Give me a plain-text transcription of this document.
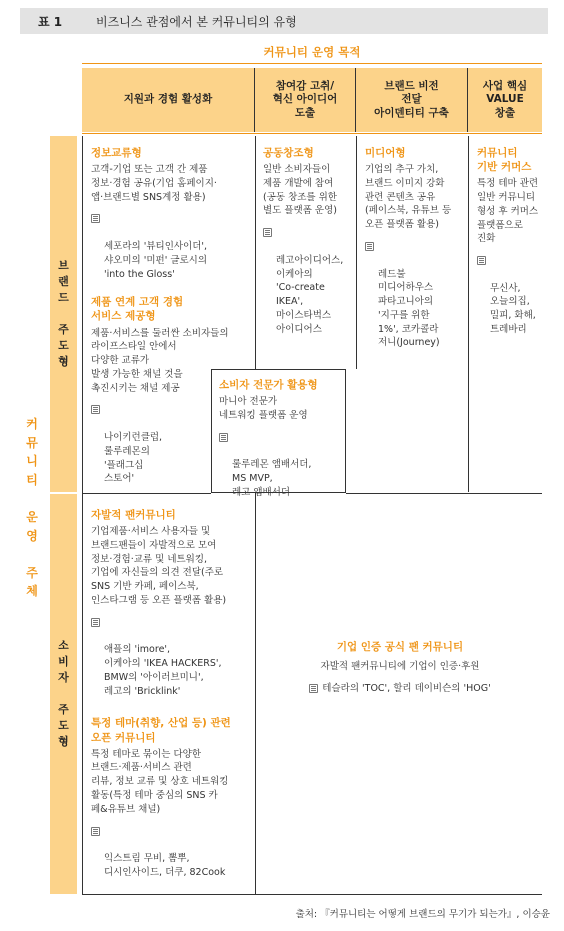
표 1	비즈니스 관점에서 본 커뮤니티의 유형
커뮤니티 운영 목적
지원과 경험 활성화
참여감 고취/
혁신 아이디어
도출
브랜드 비전
전달
아이덴티티 구축
사업 핵심
VALUE
창출
커
뮤
니
티

운
영

주
체
브
랜
드

주
도
형
소
비
자

주
도
형
정보교류형
고객-기업 또는 고객 간 제품
정보·경험 공유(기업 홈페이지·
앱·브랜드별 SNS계정 활용)

세포라의 '뷰티인사이더',
샤오미의 '미펀' 글로시의
'into the Gloss'

제품 연계 고객 경험
서비스 제공형
제품·서비스를 둘러싼 소비자들의
라이프스타일 안에서
다양한 교류가
발생 가능한 채널 것을
촉진시키는 채널 제공

나이키런클럽,
룰루레몬의
'플래그십
스토어'

공동창조형
일반 소비자들이
제품 개발에 참여
(공동 창조를 위한
별도 플랫폼 운영)

레고아이디어스,
이케아의
'Co-create
IKEA',
마이스타벅스
아이디어스

미디어형
기업의 추구 가치,
브랜드 이미지 강화
관련 콘텐츠 공유
(페이스북, 유튜브 등
오픈 플랫폼 활용)

레드불
미디어하우스
파타고니아의
'지구를 위한
1%', 코카콜라
저니(Journey)

커뮤니티
기반 커머스
특정 테마 관련
일반 커뮤니티
형성 후 커머스
플랫폼으로
진화

무신사,
오늘의집,
밀피, 화해,
트레바리

소비자 전문가 활용형
마니아 전문가
네트워킹 플랫폼 운영

룰루레몬 앰배서더,
MS MVP,
레고 앰배서더

자발적 팬커뮤니티
기업제품·서비스 사용자들 및
브랜드팬들이 자발적으로 모여
정보·경험·교류 및 네트워킹,
기업에 자신들의 의견 전달(주로
SNS 기반 카페, 페이스북,
인스타그램 등 오픈 플랫폼 활용)

애플의 'imore',
이케아의 'IKEA HACKERS',
BMW의 '아이러브미니',
레고의 'Bricklink'

특정 테마(취향, 산업 등) 관련
오픈 커뮤니티
특정 테마로 묶이는 다양한
브랜드·제품·서비스 관련
리뷰, 정보 교류 및 상호 네트워킹
활동(특정 테마 중심의 SNS 카
페&유튜브 채널)

익스트림 무비, 뽐뿌,
디시인사이드, 더쿠, 82Cook

기업 인증 공식 팬 커뮤니티
자발적 팬커뮤니티에 기업이 인증·후원
테슬라의 'TOC', 할리 데이비슨의 'HOG'
출처: 『커뮤니티는 어떻게 브랜드의 무기가 되는가』, 이승윤
